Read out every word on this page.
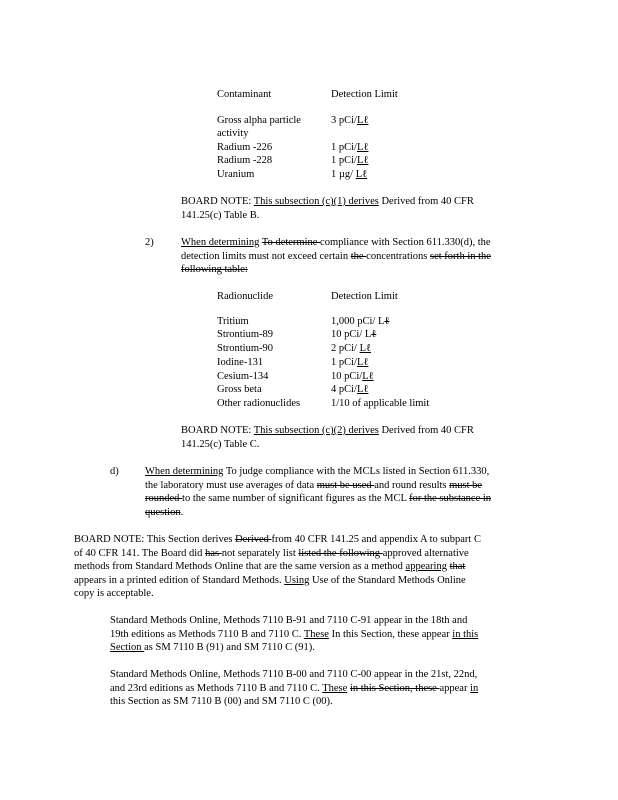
Contaminant	Detection Limit
Gross alpha particle	3 pCi/Lℓ
activity
Radium -226	1 pCi/Lℓ
Radium -228	1 pCi/Lℓ
Uranium	1 µg/ Lℓ
BOARD NOTE: This subsection (c)(1) derives Derived from 40 CFR
141.25(c) Table B.
2)	When determining To determine compliance with Section 611.330(d), the
detection limits must not exceed certain the concentrations set forth in the
following table:
Radionuclide	Detection Limit
Tritium	1,000 pCi/ Lℓ
Strontium-89	10 pCi/ Lℓ
Strontium-90	2 pCi/ Lℓ
Iodine-131	1 pCi/Lℓ
Cesium-134	10 pCi/Lℓ
Gross beta	4 pCi/Lℓ
Other radionuclides	1/10 of applicable limit
BOARD NOTE: This subsection (c)(2) derives Derived from 40 CFR
141.25(c) Table C.
d)	When determining To judge compliance with the MCLs listed in Section 611.330,
the laboratory must use averages of data must be used and round results must be
rounded to the same number of significant figures as the MCL for the substance in
question.
BOARD NOTE: This Section derives Derived from 40 CFR 141.25 and appendix A to subpart C
of 40 CFR 141. The Board did has not separately list listed the following approved alternative
methods from Standard Methods Online that are the same version as a method appearing that
appears in a printed edition of Standard Methods. Using Use of the Standard Methods Online
copy is acceptable.
Standard Methods Online, Methods 7110 B-91 and 7110 C-91 appear in the 18th and
19th editions as Methods 7110 B and 7110 C. These In this Section, these appear in this
Section as SM 7110 B (91) and SM 7110 C (91).
Standard Methods Online, Methods 7110 B-00 and 7110 C-00 appear in the 21st, 22nd,
and 23rd editions as Methods 7110 B and 7110 C. These in this Section, these appear in
this Section as SM 7110 B (00) and SM 7110 C (00).
